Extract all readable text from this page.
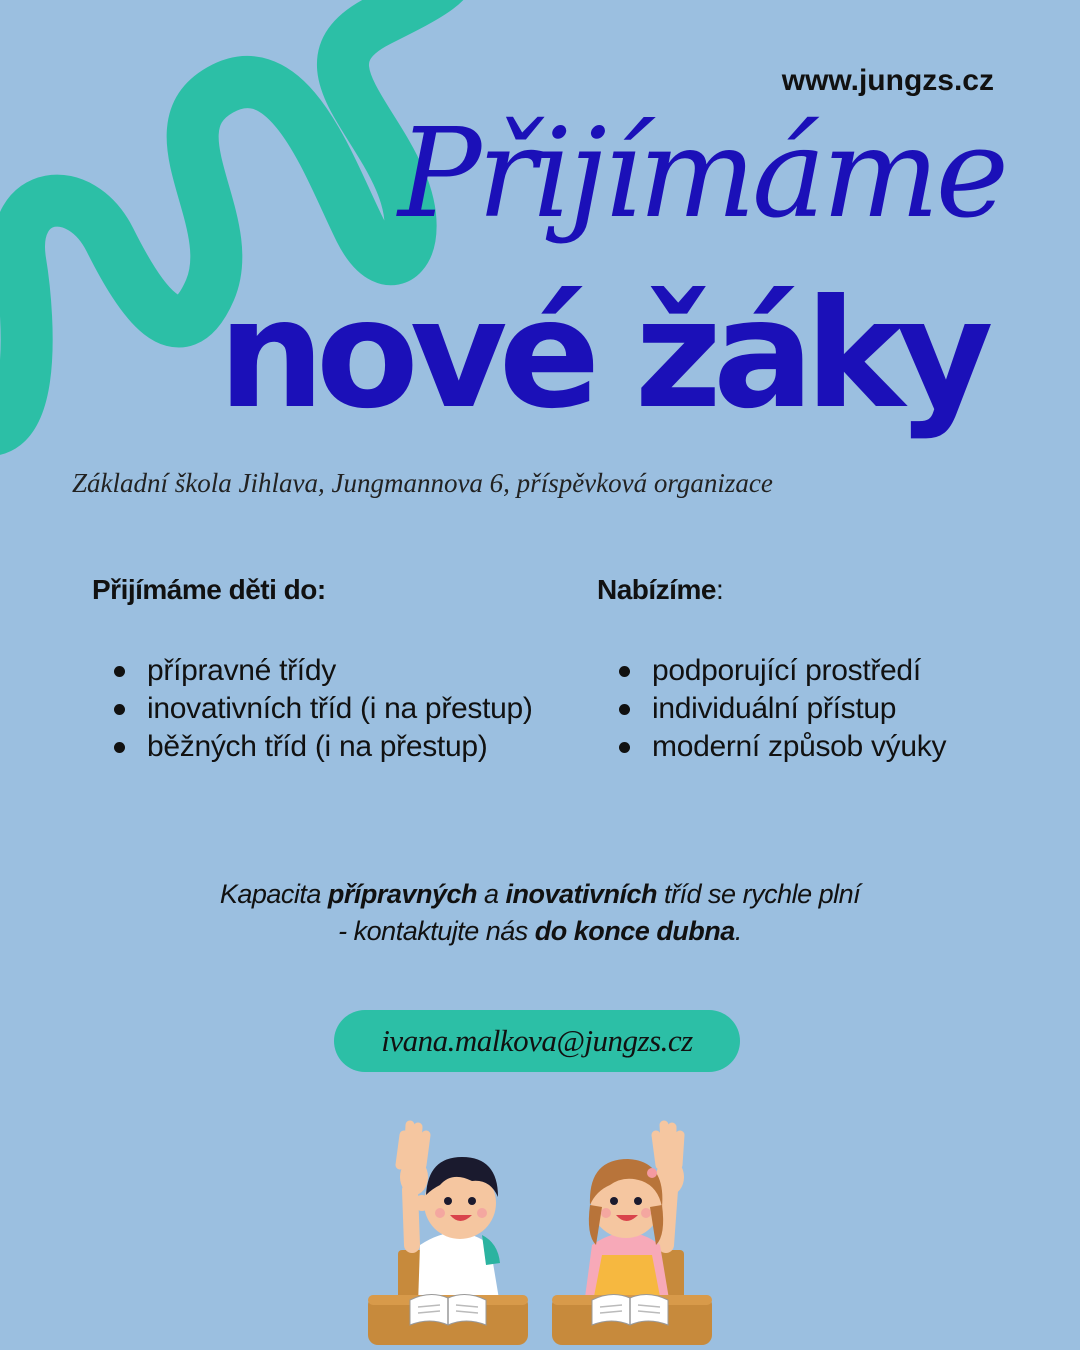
www.jungzs.cz
Přijímáme
nové žáky
Základní škola Jihlava, Jungmannova 6, příspěvková organizace

Přijímáme děti do:

přípravné třídy
inovativních tříd (i na přestup)
běžných tříd (i na přestup)

Nabízíme:

podporující prostředí
individuální přístup
moderní způsob výuky
Kapacita přípravných a inovativních tříd se rychle plní
- kontaktujte nás do konce dubna.
ivana.malkova@jungzs.cz
